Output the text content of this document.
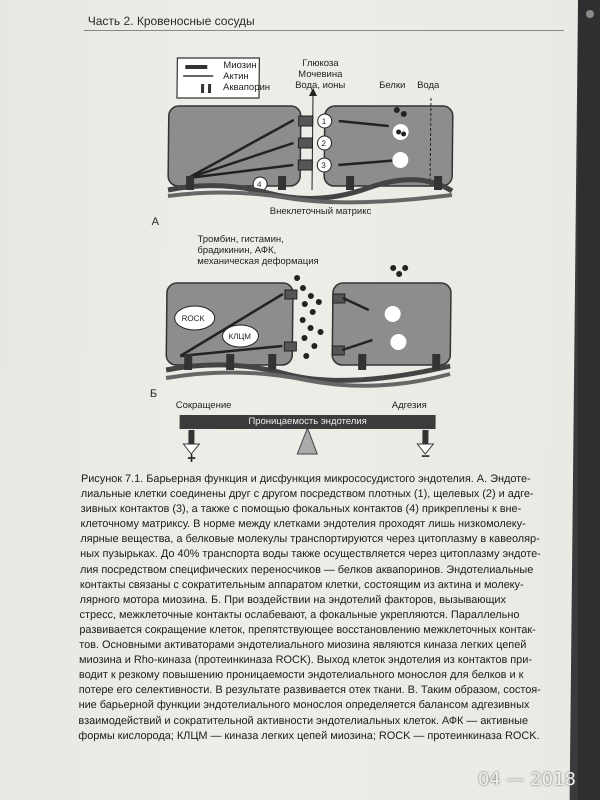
Часть 2. Кровеносные сосуды
Миозин
Актин
Аквапорин
Глюкоза
Мочевина
Вода, ионы	Белки Вода
1
2
3
4
А
Внеклеточный матрикс
Тромбин, гистамин,
брадикинин, АФК,
механическая деформация
ROCK
КЛЦМ
Б
Сокращение	Адгезия
Проницаемость эндотелия
+	−
Рисунок 7.1. Барьерная функция и дисфункция микрососудистого эндотелия. А. Эндоте-
лиальные клетки соединены друг с другом посредством плотных (1), щелевых (2) и адге-
зивных контактов (3), а также с помощью фокальных контактов (4) прикреплены к внe-
клеточному матриксу. В норме между клетками эндотелия проходят лишь низкомолеку-
лярные вещества, а белковые молекулы транспортируются через цитоплазму в кавеоляр-
ных пузырьках. До 40% транспорта воды также осуществляется через цитоплазму эндоте-
лия посредством специфических переносчиков — белков аквапоринов. Эндотелиальные
контакты связаны с сократительным аппаратом клетки, состоящим из актина и молеку-
лярного мотора миозина. Б. При воздействии на эндотелий факторов, вызывающих
стресс, межклеточные контакты ослабевают, а фокальные укрепляются. Параллельно
развивается сокращение клеток, препятствующее восстановлению межклеточных контак-
тов. Основными активаторами эндотелиального миозина являются киназа легких цепей
миозина и Rho-киназа (протеинкиназа ROCK). Выход клеток эндотелия из контактов при-
водит к резкому повышению проницаемости эндотелиального монослоя для белков и к
потере его селективности. В результате развивается отек ткани. В. Таким образом, состоя-
ние барьерной функции эндотелиального монослоя определяется балансом адгезивных
взаимодействий и сократительной активности эндотелиальных клеток. АФК — активные
формы кислорода; КЛЦМ — киназа легких цепей миозина; ROCK — протеинкиназа ROCK.
04 — 2018
